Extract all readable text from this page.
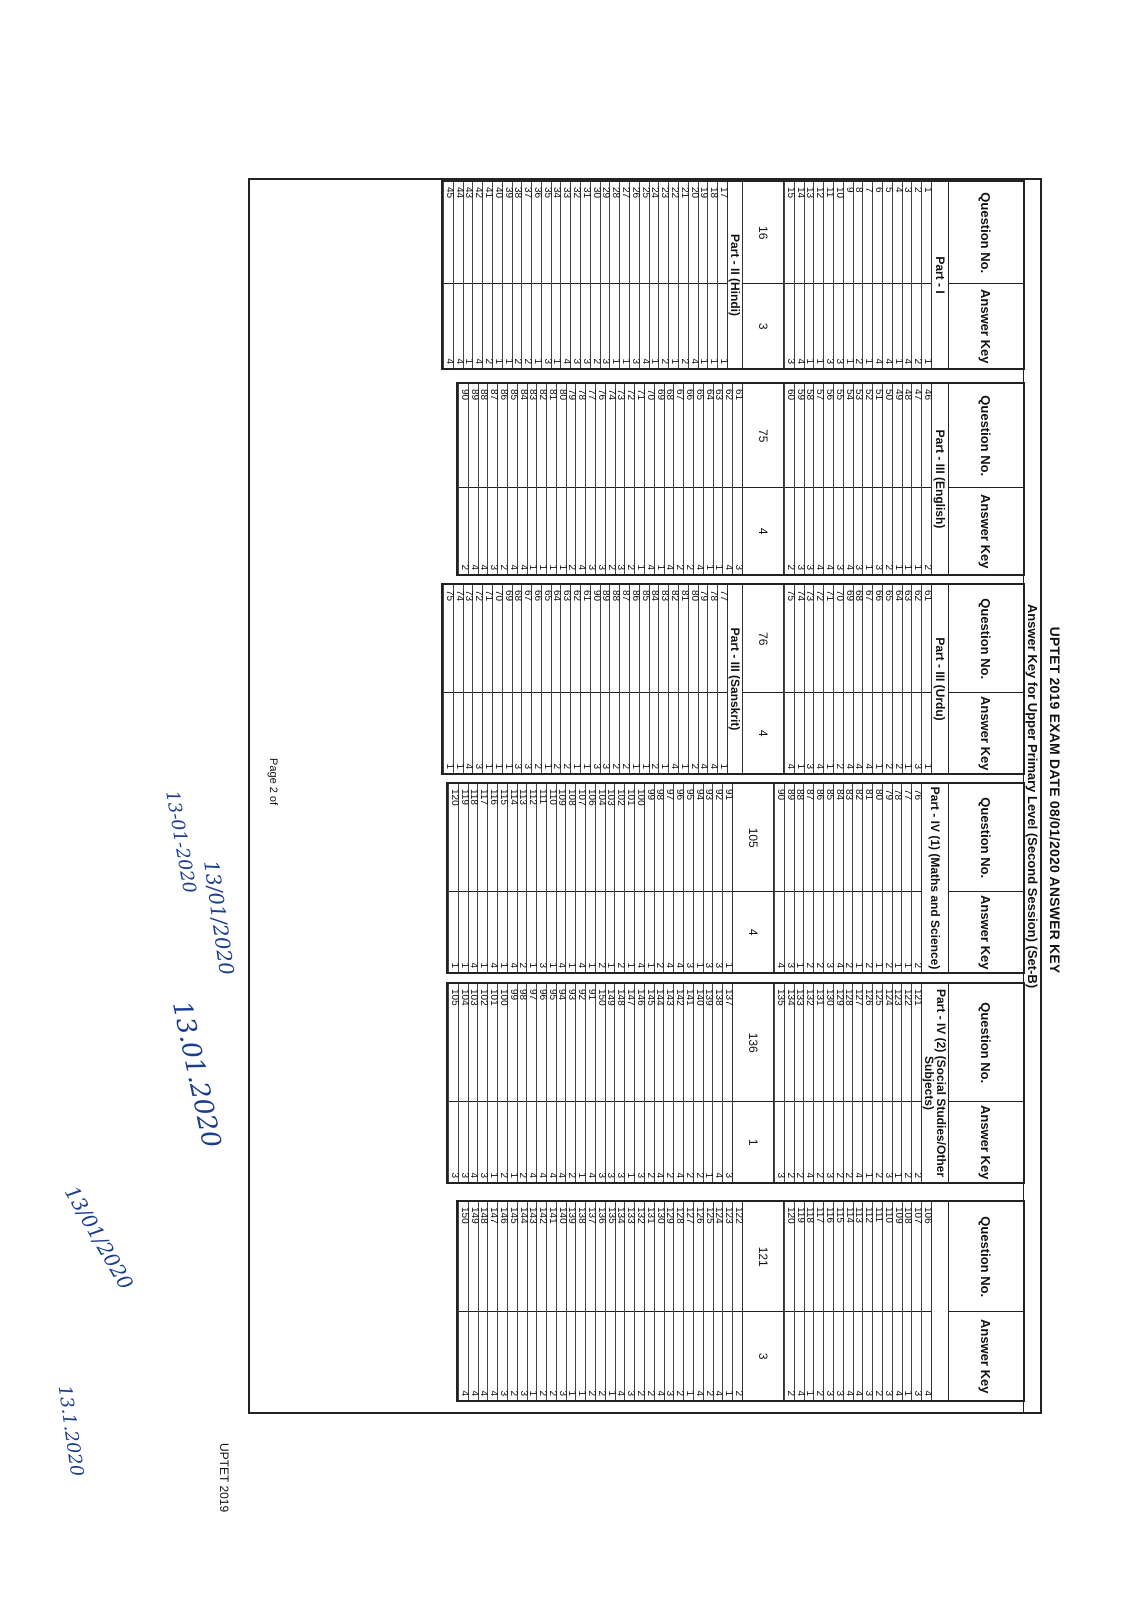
UPTET 2019 EXAM DATE 08/01/2020 ANSWER KEY
Answer Key for Upper Primary Level (Second Session) (Set-B)
Question No.
Answer Key
Part - I
1
1
2
2
3
4
4
1
5
4
6
4
7
1
8
2
9
1
10
3
11
3
12
1
13
1
14
4
15
3
16
3
Part - II (Hindi)
17
1
18
1
19
1
20
4
21
2
22
1
23
2
24
1
25
4
26
3
27
1
28
1
29
3
30
2
31
3
32
3
33
4
34
1
35
3
36
1
37
2
38
2
39
1
40
1
41
2
42
4
43
1
44
4
45
4
Question No.
Answer Key
Part - III (English)
46
2
47
1
48
1
49
1
50
2
51
3
52
1
53
3
54
4
55
3
56
4
57
4
58
3
59
3
60
2
75
4
61
3
62
4
63
1
64
1
65
4
66
2
67
2
68
4
69
1
70
4
71
1
72
2
73
3
74
2
76
3
77
3
78
4
79
2
80
1
81
1
82
1
83
1
84
4
85
4
86
2
87
3
88
4
89
4
90
2
Question No.
Answer Key
Part - III (Urdu)
61
1
62
3
63
1
64
2
65
2
66
1
67
4
68
4
69
4
70
2
71
1
72
4
73
3
74
1
75
4
76
4
Part - III (Sanskrit)
77
1
78
4
79
4
80
2
81
1
82
4
83
1
84
2
85
1
86
1
87
2
88
2
89
3
90
3
61
1
62
1
63
2
64
2
65
1
66
2
67
3
68
3
69
1
70
1
71
1
72
3
73
4
74
1
75
1
Question No.
Answer Key
Part - IV (1) (Maths and Science)
76
2
77
1
78
1
79
2
80
1
81
2
82
1
83
2
84
4
85
3
86
2
87
2
88
1
89
3
90
4
105
4
91
1
92
3
93
3
94
1
95
3
96
4
97
4
98
2
99
1
100
4
101
1
102
2
103
1
104
2
106
1
107
4
108
1
109
4
110
1
111
3
112
1
113
2
114
4
115
1
116
4
117
1
118
4
119
1
120
1
Question No.
Answer Key
Part - IV (2) (Social Studies/Other Subjects)
121
2
122
2
123
1
124
3
125
2
126
1
127
4
128
2
129
2
130
3
131
2
132
4
133
2
134
2
135
3
136
1
137
3
138
4
139
1
140
2
141
2
142
4
143
2
144
4
145
2
146
3
147
1
148
3
149
3
150
3
91
4
92
1
93
2
94
4
95
4
96
4
97
4
98
2
99
1
100
2
101
1
102
3
103
4
104
3
105
3
Question No.
Answer Key
106
4
107
3
108
1
109
4
110
3
111
2
112
3
113
4
114
4
115
3
116
3
117
2
118
1
119
4
120
2
121
3
122
2
123
1
124
4
125
2
126
4
127
1
128
2
129
3
130
4
131
2
132
2
133
3
134
4
135
1
136
2
137
2
138
1
139
1
140
3
141
2
142
2
143
1
144
3
145
2
146
3
147
4
148
4
149
4
150
4
UPTET 2019
Page 2 of
13/01/2020
13-01-2020
13.01.2020
13/01/2020
13.1.2020
